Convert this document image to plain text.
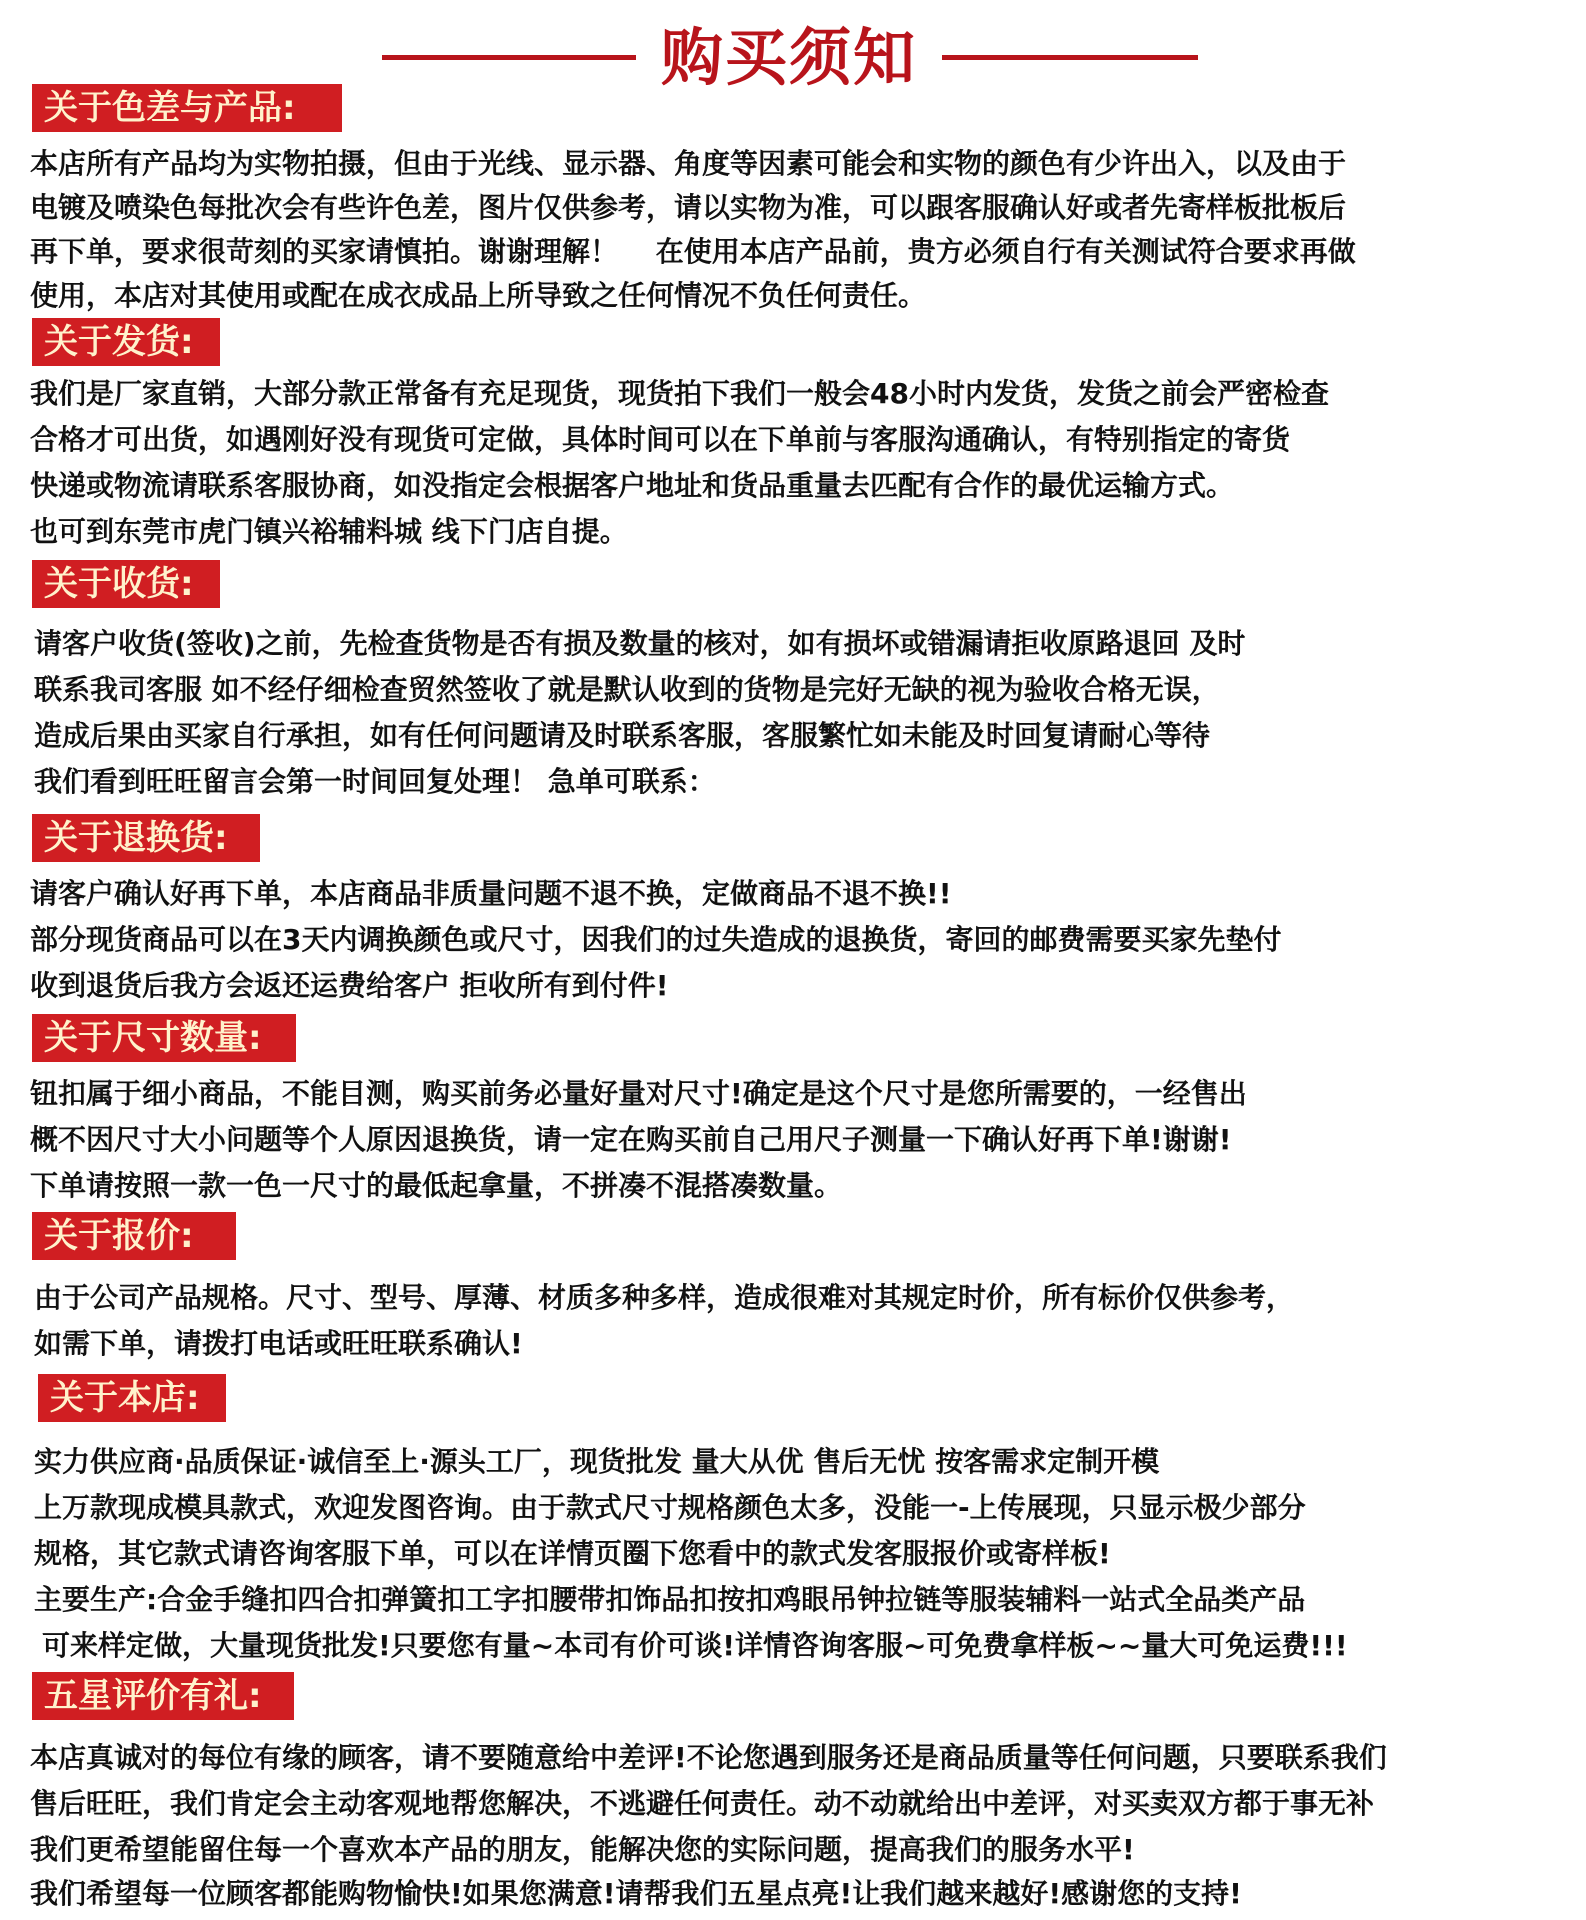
购买须知
关于色差与产品:
本店所有产品均为实物拍摄，但由于光线、显示器、角度等因素可能会和实物的颜色有少许出入，以及由于
电镀及喷染色每批次会有些许色差，图片仅供参考，请以实物为准，可以跟客服确认好或者先寄样板批板后
再下单，要求很苛刻的买家请慎拍。谢谢理解！　 在使用本店产品前，贵方必须自行有关测试符合要求再做
使用，本店对其使用或配在成衣成品上所导致之任何情况不负任何责任。
关于发货:
我们是厂家直销，大部分款正常备有充足现货，现货拍下我们一般会48小时内发货，发货之前会严密检查
合格才可出货，如遇刚好没有现货可定做，具体时间可以在下单前与客服沟通确认，有特别指定的寄货
快递或物流请联系客服协商，如没指定会根据客户地址和货品重量去匹配有合作的最优运输方式。
也可到东莞市虎门镇兴裕辅料城 线下门店自提。
关于收货:
请客户收货(签收)之前，先检查货物是否有损及数量的核对，如有损坏或错漏请拒收原路退回 及时
联系我司客服 如不经仔细检查贸然签收了就是默认收到的货物是完好无缺的视为验收合格无误，
造成后果由买家自行承担，如有任何问题请及时联系客服，客服繁忙如未能及时回复请耐心等待
我们看到旺旺留言会第一时间回复处理！ 急单可联系：
关于退换货:
请客户确认好再下单，本店商品非质量问题不退不换，定做商品不退不换!!
部分现货商品可以在3天内调换颜色或尺寸，因我们的过失造成的退换货，寄回的邮费需要买家先垫付
收到退货后我方会返还运费给客户 拒收所有到付件!
关于尺寸数量:
钮扣属于细小商品，不能目测，购买前务必量好量对尺寸!确定是这个尺寸是您所需要的，一经售出
概不因尺寸大小问题等个人原因退换货，请一定在购买前自己用尺子测量一下确认好再下单!谢谢!
下单请按照一款一色一尺寸的最低起拿量，不拼凑不混搭凑数量。
关于报价:
由于公司产品规格。尺寸、型号、厚薄、材质多种多样，造成很难对其规定时价，所有标价仅供参考，
如需下单，请拨打电话或旺旺联系确认!
关于本店:
实力供应商·品质保证·诚信至上·源头工厂，现货批发 量大从优 售后无忧 按客需求定制开模
上万款现成模具款式，欢迎发图咨询。由于款式尺寸规格颜色太多，没能一-上传展现，只显示极少部分
规格，其它款式请咨询客服下单，可以在详情页圈下您看中的款式发客服报价或寄样板!
主要生产:合金手缝扣四合扣弹簧扣工字扣腰带扣饰品扣按扣鸡眼吊钟拉链等服装辅料一站式全品类产品
可来样定做，大量现货批发!只要您有量~本司有价可谈!详情咨询客服~可免费拿样板~~量大可免运费!!!
五星评价有礼:
本店真诚对的每位有缘的顾客，请不要随意给中差评!不论您遇到服务还是商品质量等任何问题，只要联系我们
售后旺旺，我们肯定会主动客观地帮您解决，不逃避任何责任。动不动就给出中差评，对买卖双方都于事无补
我们更希望能留住每一个喜欢本产品的朋友，能解决您的实际问题，提高我们的服务水平!
我们希望每一位顾客都能购物愉快!如果您满意!请帮我们五星点亮!让我们越来越好!感谢您的支持!
